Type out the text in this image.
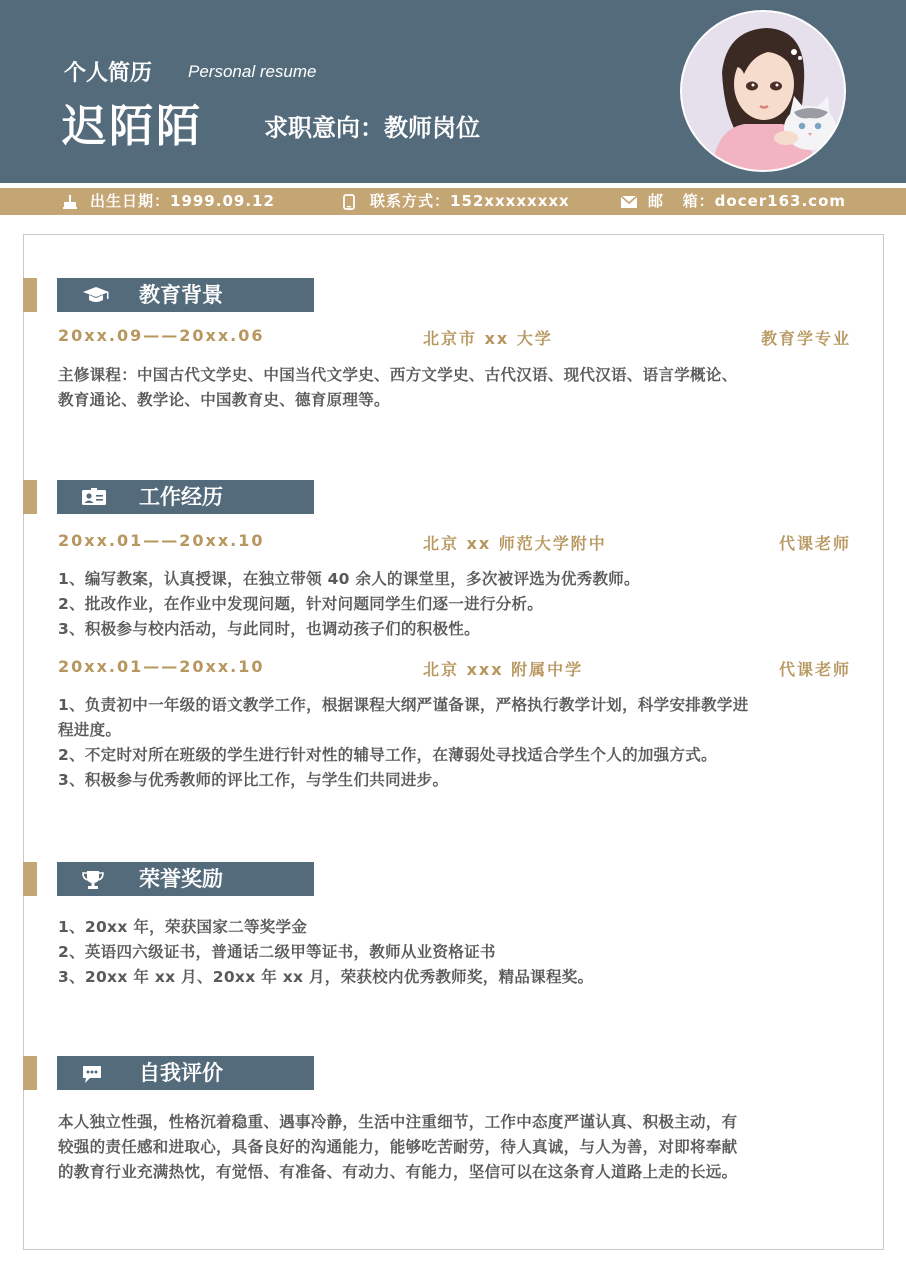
个人简历 Personal resume
迟陌陌	求职意向：教师岗位
出生日期：1999.09.12	联系方式：152xxxxxxxx	邮   箱：docer163.com
教育背景
20xx.09——20xx.06	北京市 xx 大学	教育学专业
主修课程：中国古代文学史、中国当代文学史、西方文学史、古代汉语、现代汉语、语言学概论、
教育通论、教学论、中国教育史、德育原理等。
工作经历
20xx.01——20xx.10	北京 xx 师范大学附中	代课老师
1、编写教案，认真授课，在独立带领 40 余人的课堂里，多次被评选为优秀教师。
2、批改作业，在作业中发现问题，针对问题同学生们逐一进行分析。
3、积极参与校内活动，与此同时，也调动孩子们的积极性。
20xx.01——20xx.10	北京 xxx 附属中学	代课老师
1、负责初中一年级的语文教学工作，根据课程大纲严谨备课，严格执行教学计划，科学安排教学进
程进度。
2、不定时对所在班级的学生进行针对性的辅导工作，在薄弱处寻找适合学生个人的加强方式。
3、积极参与优秀教师的评比工作，与学生们共同进步。
荣誉奖励
1、20xx 年，荣获国家二等奖学金
2、英语四六级证书，普通话二级甲等证书，教师从业资格证书
3、20xx 年 xx 月、20xx 年 xx 月，荣获校内优秀教师奖，精品课程奖。
自我评价
本人独立性强，性格沉着稳重、遇事冷静，生活中注重细节，工作中态度严谨认真、积极主动，有
较强的责任感和进取心，具备良好的沟通能力，能够吃苦耐劳，待人真诚，与人为善，对即将奉献
的教育行业充满热忱，有觉悟、有准备、有动力、有能力，坚信可以在这条育人道路上走的长远。
